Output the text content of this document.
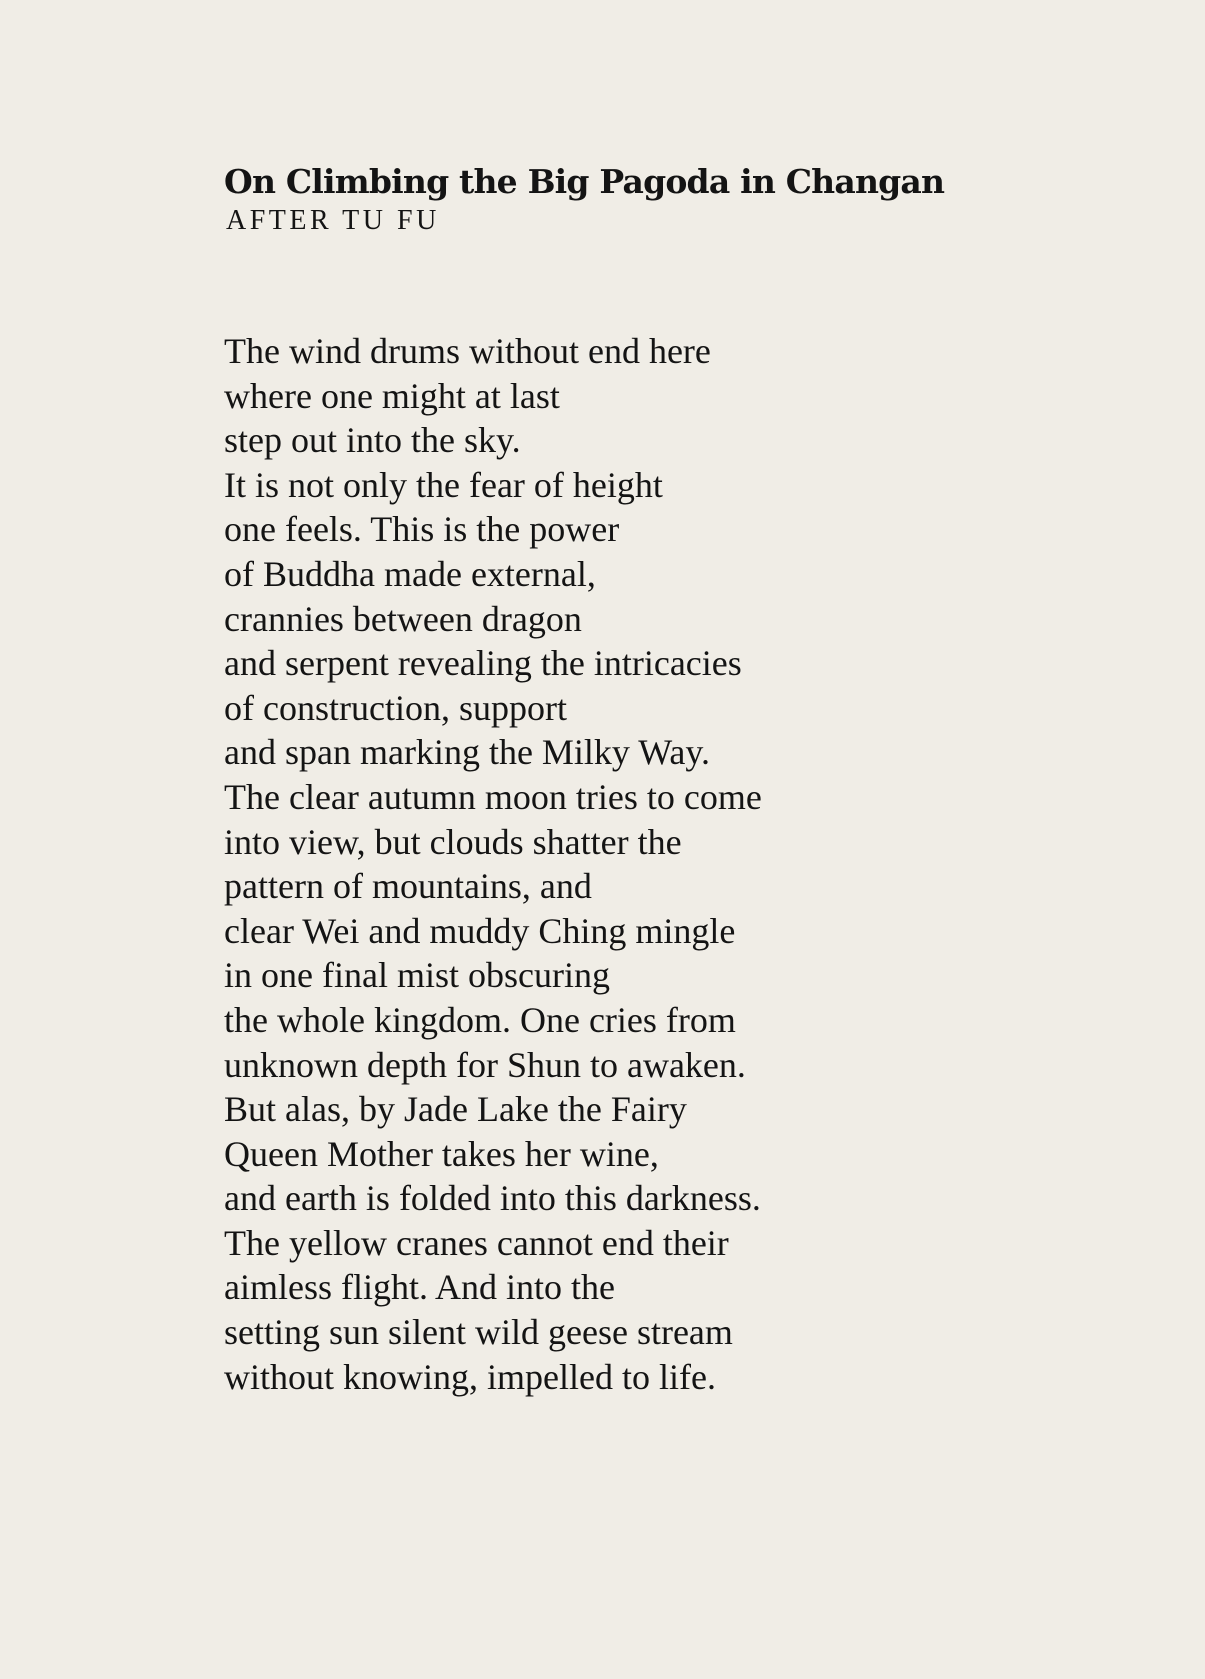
On Climbing the Big Pagoda in Changan

AFTER TU FU

The wind drums without end here
where one might at last
step out into the sky.
It is not only the fear of height
one feels. This is the power
of Buddha made external,
crannies between dragon
and serpent revealing the intricacies
of construction, support
and span marking the Milky Way.
The clear autumn moon tries to come
into view, but clouds shatter the
pattern of mountains, and
clear Wei and muddy Ching mingle
in one final mist obscuring
the whole kingdom. One cries from
unknown depth for Shun to awaken.
But alas, by Jade Lake the Fairy
Queen Mother takes her wine,
and earth is folded into this darkness.
The yellow cranes cannot end their
aimless flight. And into the
setting sun silent wild geese stream
without knowing, impelled to life.
